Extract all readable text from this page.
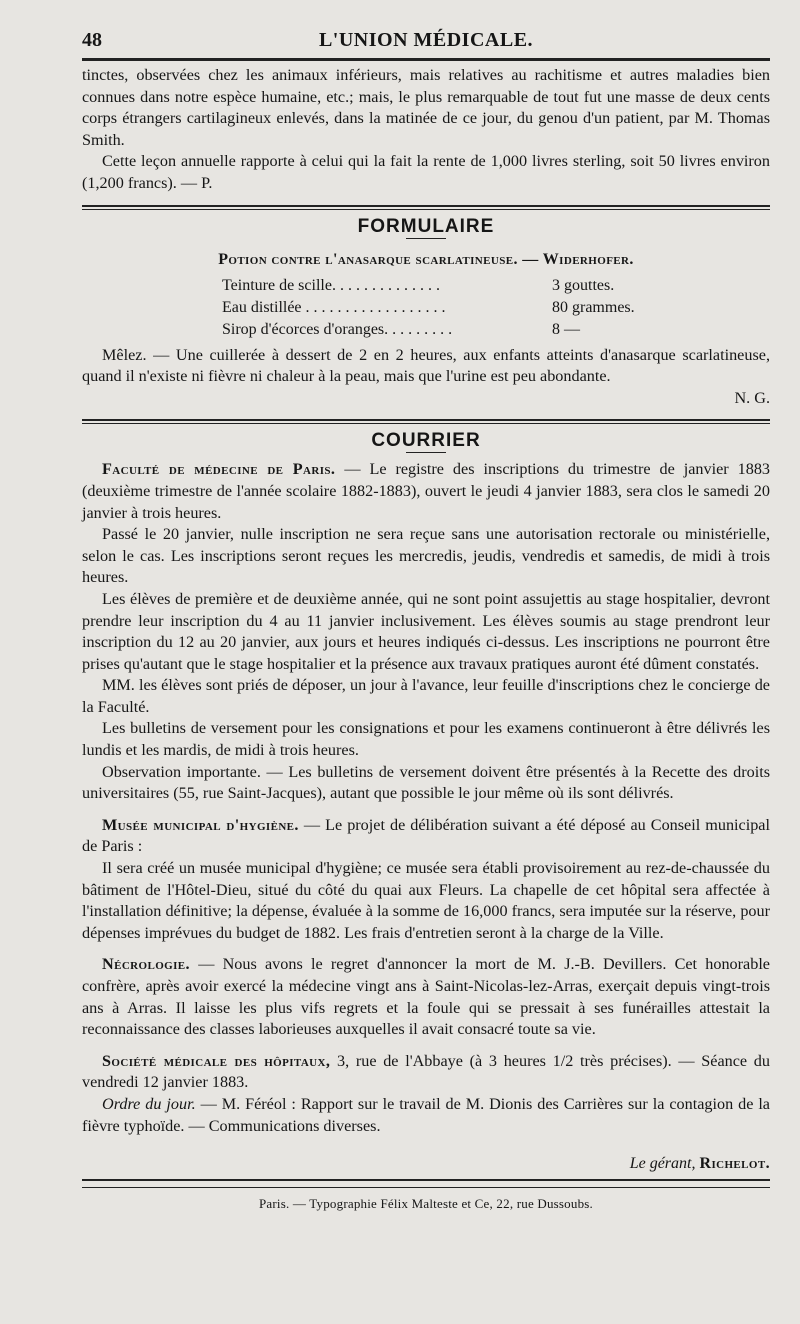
48	L'UNION MÉDICALE.

tinctes, observées chez les animaux inférieurs, mais relatives au rachitisme et autres maladies bien connues dans notre espèce humaine, etc.; mais, le plus remarquable de tout fut une masse de deux cents corps étrangers cartilagineux enlevés, dans la matinée de ce jour, du genou d'un patient, par M. Thomas Smith.

Cette leçon annuelle rapporte à celui qui la fait la rente de 1,000 livres sterling, soit 50 livres environ (1,200 francs). — P.

FORMULAIRE
Potion contre l'anasarque scarlatineuse. — Widerhofer.
Teinture de scille. . . . . . . . . . . . . .	3 gouttes.
Eau distillée . . . . . . . . . . . . . . . . . .	80 grammes.
Sirop d'écorces d'oranges. . . . . . . . .	8 —

Mêlez. — Une cuillerée à dessert de 2 en 2 heures, aux enfants atteints d'anasarque scarlatineuse, quand il n'existe ni fièvre ni chaleur à la peau, mais que l'urine est peu abondante.

N. G.

COURRIER

Faculté de médecine de Paris. — Le registre des inscriptions du trimestre de janvier 1883 (deuxième trimestre de l'année scolaire 1882-1883), ouvert le jeudi 4 janvier 1883, sera clos le samedi 20 janvier à trois heures.

Passé le 20 janvier, nulle inscription ne sera reçue sans une autorisation rectorale ou ministérielle, selon le cas. Les inscriptions seront reçues les mercredis, jeudis, vendredis et samedis, de midi à trois heures.

Les élèves de première et de deuxième année, qui ne sont point assujettis au stage hospitalier, devront prendre leur inscription du 4 au 11 janvier inclusivement. Les élèves soumis au stage prendront leur inscription du 12 au 20 janvier, aux jours et heures indiqués ci-dessus. Les inscriptions ne pourront être prises qu'autant que le stage hospitalier et la présence aux travaux pratiques auront été dûment constatés.

MM. les élèves sont priés de déposer, un jour à l'avance, leur feuille d'inscriptions chez le concierge de la Faculté.

Les bulletins de versement pour les consignations et pour les examens continueront à être délivrés les lundis et les mardis, de midi à trois heures.

Observation importante. — Les bulletins de versement doivent être présentés à la Recette des droits universitaires (55, rue Saint-Jacques), autant que possible le jour même où ils sont délivrés.

Musée municipal d'hygiène. — Le projet de délibération suivant a été déposé au Conseil municipal de Paris :

Il sera créé un musée municipal d'hygiène; ce musée sera établi provisoirement au rez-de-chaussée du bâtiment de l'Hôtel-Dieu, situé du côté du quai aux Fleurs. La chapelle de cet hôpital sera affectée à l'installation définitive; la dépense, évaluée à la somme de 16,000 francs, sera imputée sur la réserve, pour dépenses imprévues du budget de 1882. Les frais d'entretien seront à la charge de la Ville.

Nécrologie. — Nous avons le regret d'annoncer la mort de M. J.-B. Devillers. Cet honorable confrère, après avoir exercé la médecine vingt ans à Saint-Nicolas-lez-Arras, exerçait depuis vingt-trois ans à Arras. Il laisse les plus vifs regrets et la foule qui se pressait à ses funérailles attestait la reconnaissance des classes laborieuses auxquelles il avait consacré toute sa vie.

Société médicale des hôpitaux, 3, rue de l'Abbaye (à 3 heures 1/2 très précises). — Séance du vendredi 12 janvier 1883.

Ordre du jour. — M. Féréol : Rapport sur le travail de M. Dionis des Carrières sur la contagion de la fièvre typhoïde. — Communications diverses.

Le gérant, Richelot.
Paris. — Typographie Félix Malteste et Ce, 22, rue Dussoubs.
